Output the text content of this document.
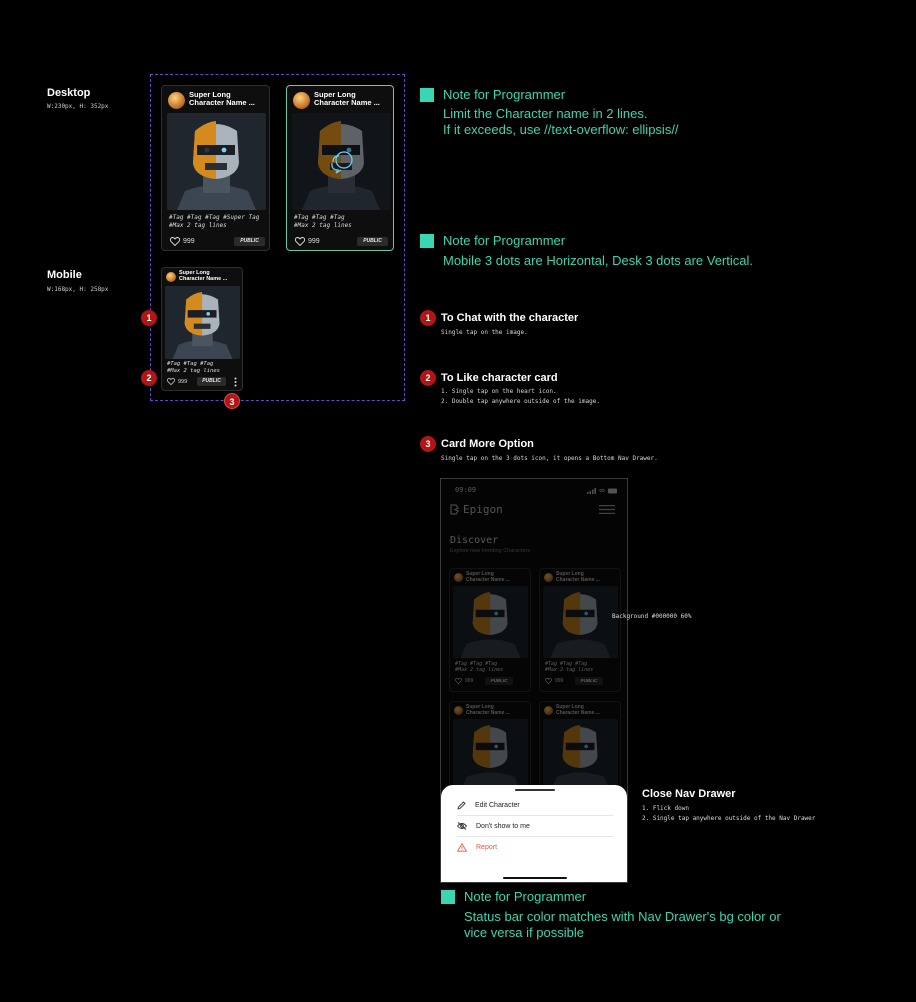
Desktop
W:230px, H: 352px
Mobile
W:168px, H: 258px
Super Long
Character Name ...
#Tag #Tag #Tag #Super Tag
#Max 2 tag lines
999	PUBLIC
Super Long
Character Name ...
#Tag #Tag #Tag
#Max 2 tag lines
999	PUBLIC
Super Long
Character Name ...
#Tag #Tag #Tag
#Max 2 tag lines
999	PUBLIC
1
2
3
Note for Programmer
Limit the Character name in 2 lines.
If it exceeds, use //text-overflow: ellipsis//
Note for Programmer
Mobile 3 dots are Horizontal, Desk 3 dots are Vertical.
1 To Chat with the character
Single tap on the image.
2 To Like character card
1. Single tap on the heart icon.
2. Double tap anywhere outside of the image.
3 Card More Option
Single tap on the 3 dots icon, it opens a Bottom Nav Drawer.
Edit Character
Don't show to me
Report
Background #000000 60%
Close Nav Drawer
1. Flick down
2. Single tap anywhere outside of the Nav Drawer
Note for Programmer
Status bar color matches with Nav Drawer's bg color or
vice versa if possible
